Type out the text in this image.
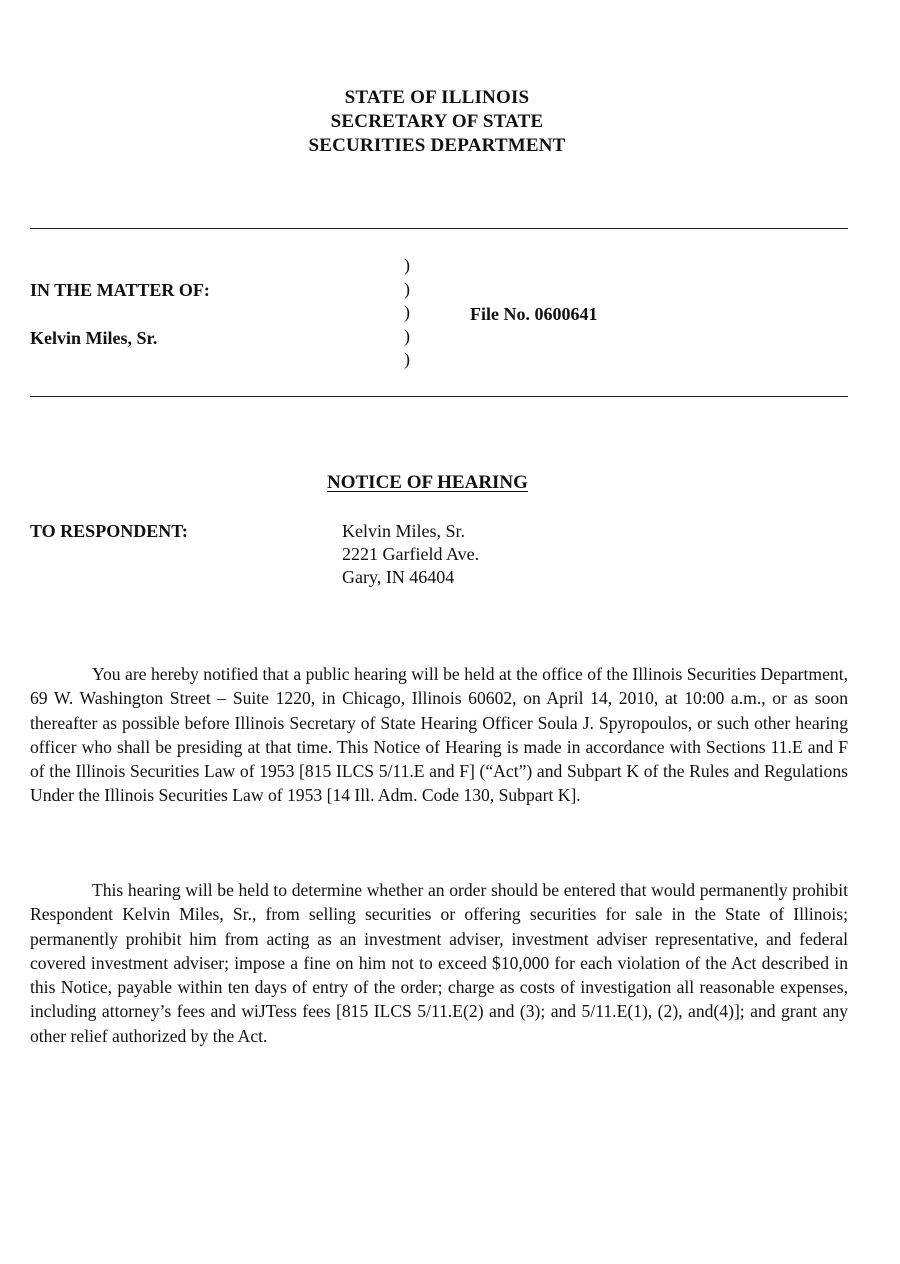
STATE OF ILLINOIS
SECRETARY OF STATE
SECURITIES DEPARTMENT
IN THE MATTER OF:
Kelvin Miles, Sr.
)
)
)
)
)
File No. 0600641
NOTICE OF HEARING
TO RESPONDENT:	Kelvin Miles, Sr.
2221 Garfield Ave.
Gary, IN 46404

You are hereby notified that a public hearing will be held at the office of the Illinois Securities Department, 69 W. Washington Street – Suite 1220, in Chicago, Illinois 60602, on April 14, 2010, at 10:00 a.m., or as soon thereafter as possible before Illinois Secretary of State Hearing Officer Soula J. Spyropoulos, or such other hearing officer who shall be presiding at that time. This Notice of Hearing is made in accordance with Sections 11.E and F of the Illinois Securities Law of 1953 [815 ILCS 5/11.E and F] (“Act”) and Subpart K of the Rules and Regulations Under the Illinois Securities Law of 1953 [14 Ill. Adm. Code 130, Subpart K].

This hearing will be held to determine whether an order should be entered that would permanently prohibit Respondent Kelvin Miles, Sr., from selling securities or offering securities for sale in the State of Illinois; permanently prohibit him from acting as an investment adviser, investment adviser representative, and federal covered investment adviser; impose a fine on him not to exceed $10,000 for each violation of the Act described in this Notice, payable within ten days of entry of the order; charge as costs of investigation all reasonable expenses, including attorney’s fees and wiJTess fees [815 ILCS 5/11.E(2) and (3); and 5/11.E(1), (2), and(4)]; and grant any other relief authorized by the Act.
